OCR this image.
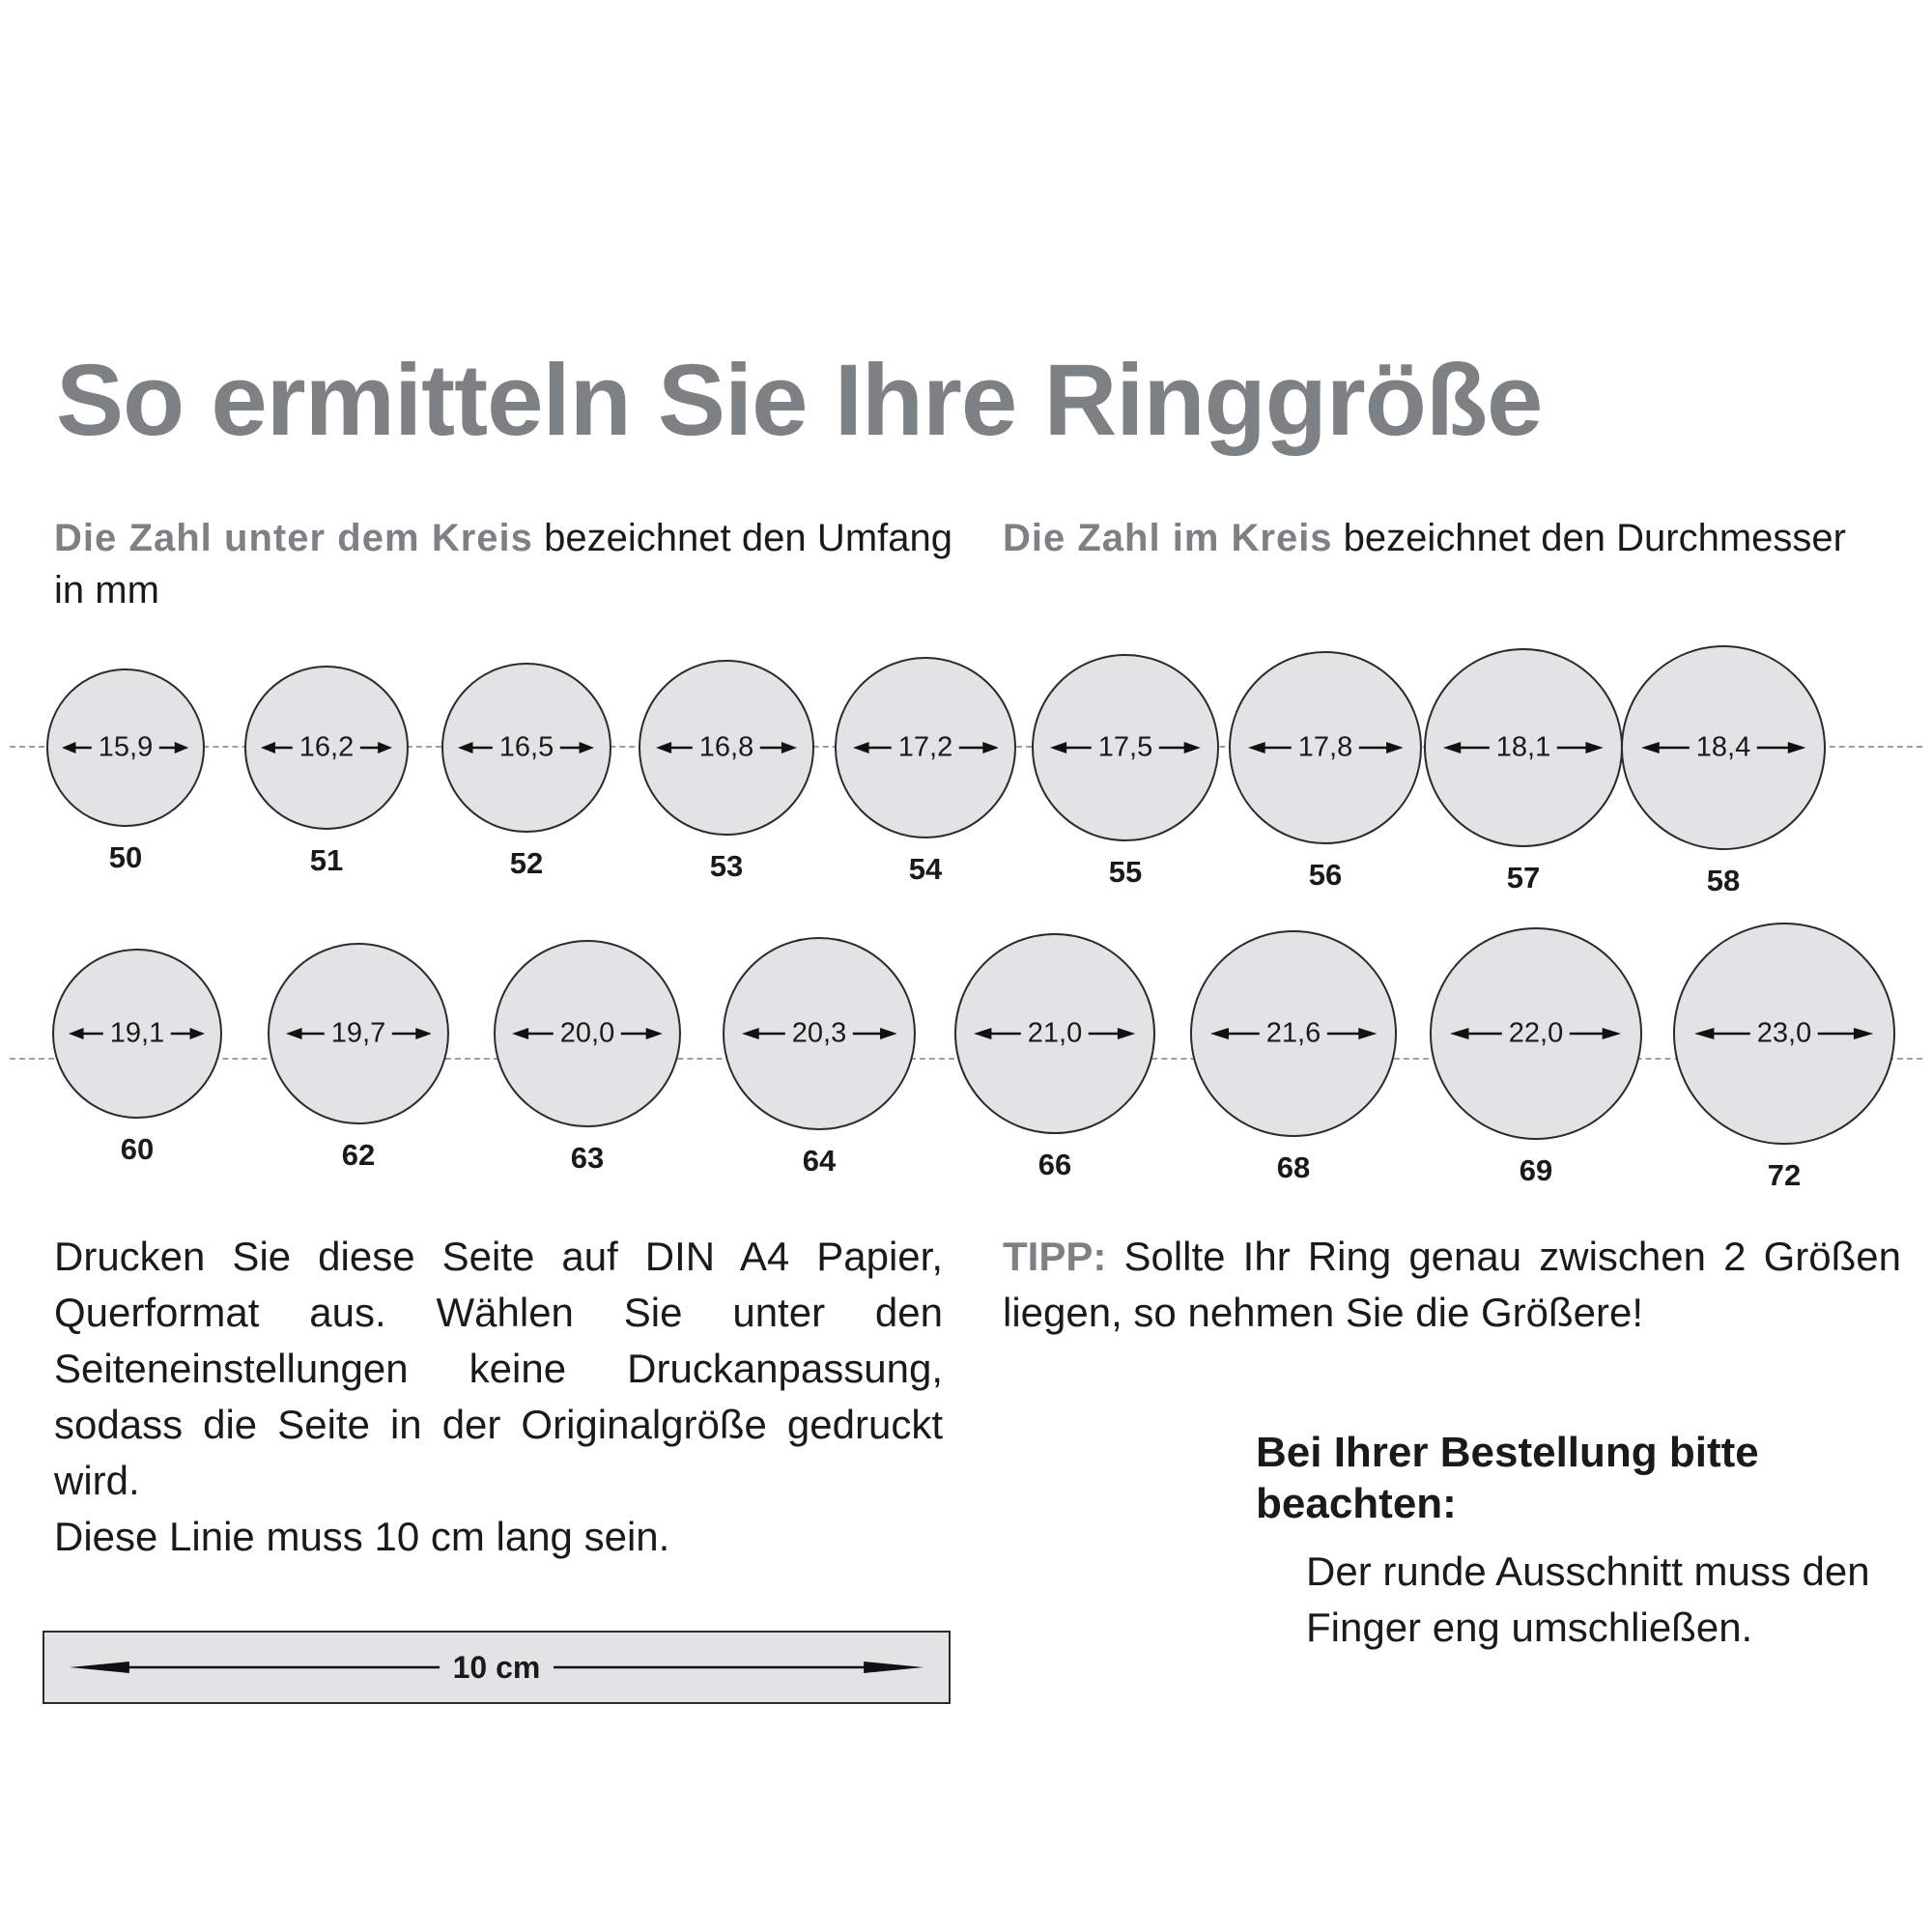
So ermitteln Sie Ihre Ringgröße

Die Zahl unter dem Kreis bezeichnet den Umfang in mm

Die Zahl im Kreis bezeichnet den Durchmesser

15,9
50
16,2
51
16,5
52
16,8
53
17,2
54
17,5
55
17,8
56
18,1
57
18,4
58
19,1
60
19,7
62
20,0
63
20,3
64
21,0
66
21,6
68
22,0
69
23,0
72
Drucken Sie diese Seite auf DIN A4 Papier, Querformat aus. Wählen Sie unter den Seiteneinstellungen keine Druckanpassung, sodass die Seite in der Originalgröße gedruckt wird.
Diese Linie muss 10 cm lang sein.
TIPP: Sollte Ihr Ring genau zwischen 2 Größen liegen, so nehmen Sie die Größere!
Bei Ihrer Bestellung bitte beachten:
Der runde Ausschnitt muss den Finger eng umschließen.
10 cm
